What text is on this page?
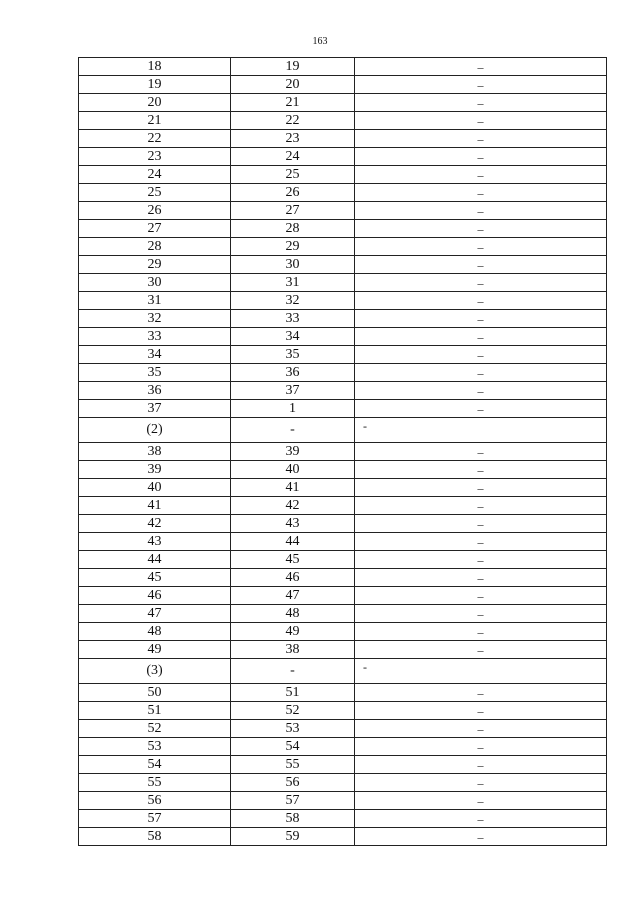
163
18	19	–
19	20	–
20	21	–
21	22	–
22	23	–
23	24	–
24	25	–
25	26	–
26	27	–
27	28	–
28	29	–
29	30	–
30	31	–
31	32	–
32	33	–
33	34	–
34	35	–
35	36	–
36	37	–
37	1	–
(2)	-	-
38	39	–
39	40	–
40	41	–
41	42	–
42	43	–
43	44	–
44	45	–
45	46	–
46	47	–
47	48	–
48	49	–
49	38	–
(3)	-	-
50	51	–
51	52	–
52	53	–
53	54	–
54	55	–
55	56	–
56	57	–
57	58	–
58	59	–
